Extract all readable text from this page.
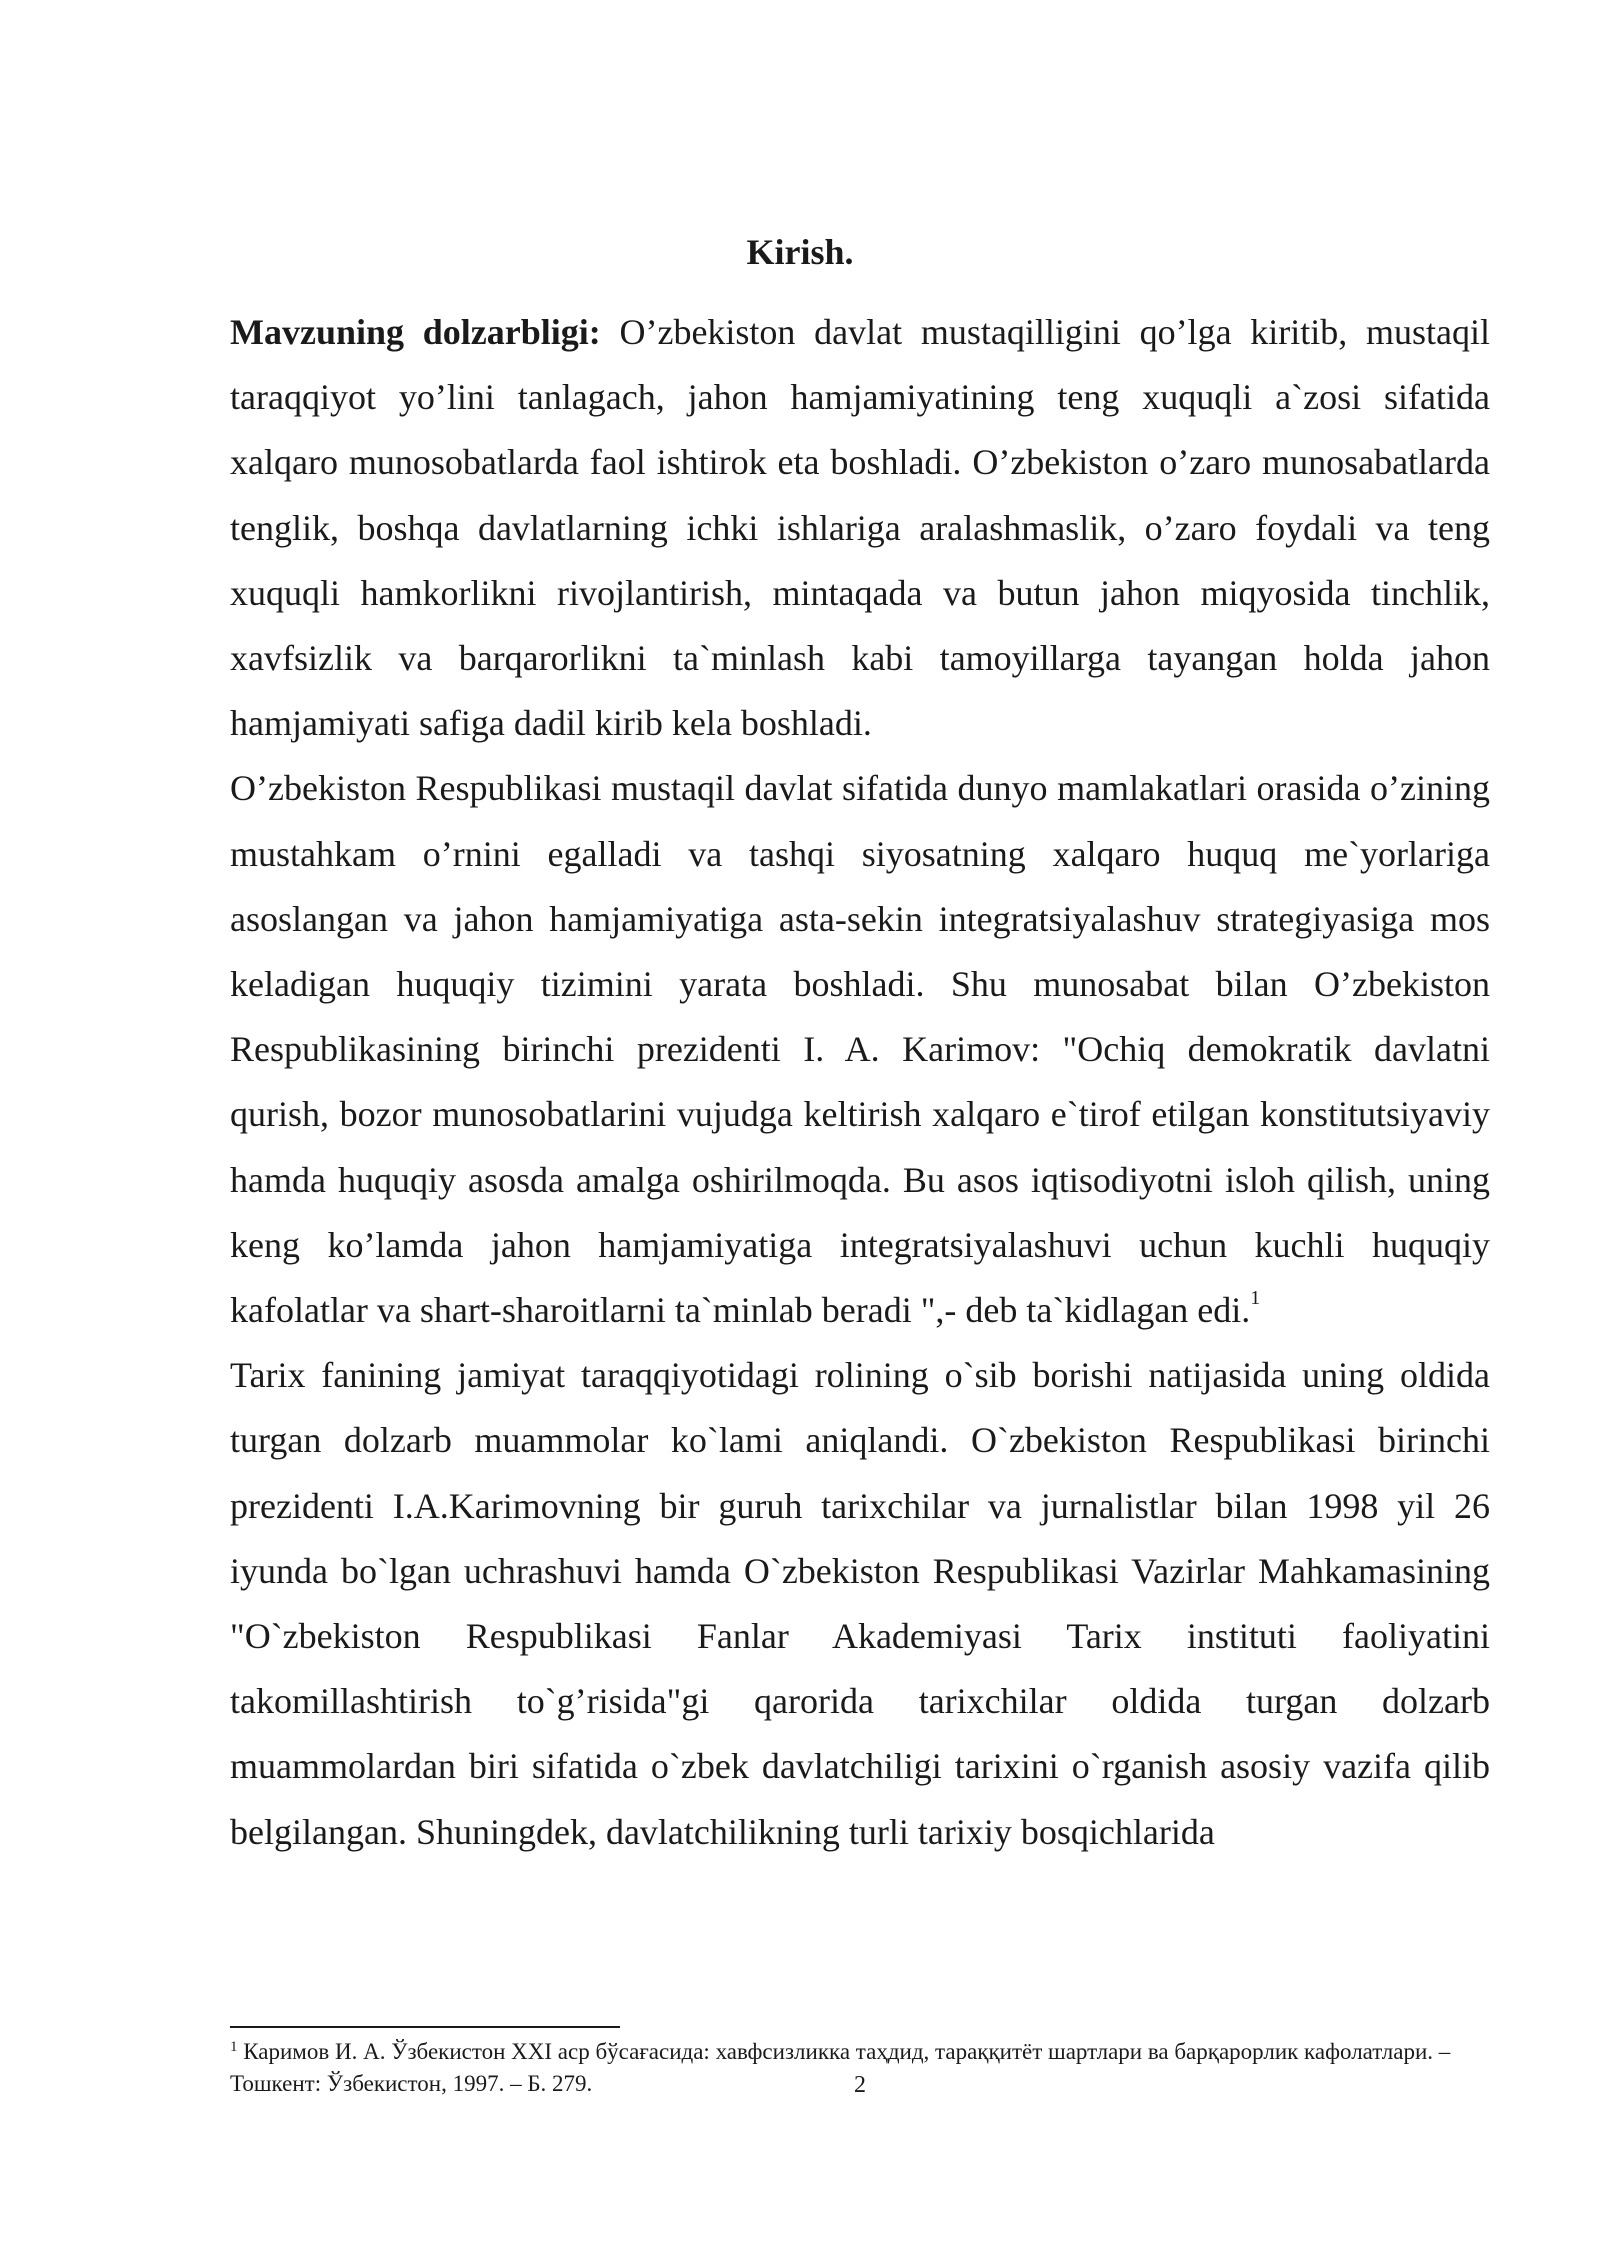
Kirish.

Mavzuning dolzarbligi: O’zbekiston davlat mustaqilligini qo’lga kiritib, mustaqil taraqqiyot yo’lini tanlagach, jahon hamjamiyatining teng xuquqli a`zosi sifatida xalqaro munosobatlarda faol ishtirok eta boshladi. O’zbekiston o’zaro munosabatlarda tenglik, boshqa davlatlarning ichki ishlariga aralashmaslik, o’zaro foydali va teng xuquqli hamkorlikni rivojlantirish, mintaqada va butun jahon miqyosida tinchlik, xavfsizlik va barqarorlikni ta`minlash kabi tamoyillarga tayangan holda jahon hamjamiyati safiga dadil kirib kela boshladi.

O’zbekiston Respublikasi mustaqil davlat sifatida dunyo mamlakatlari orasida o’zining mustahkam o’rnini egalladi va tashqi siyosatning xalqaro huquq me`yorlariga asoslangan va jahon hamjamiyatiga asta-sekin integratsiyalashuv strategiyasiga mos keladigan huquqiy tizimini yarata boshladi. Shu munosabat bilan O’zbekiston Respublikasining birinchi prezidenti I. A. Karimov: "Ochiq demokratik davlatni qurish, bozor munosobatlarini vujudga keltirish xalqaro e`tirof etilgan konstitutsiyaviy hamda huquqiy asosda amalga oshirilmoqda. Bu asos iqtisodiyotni isloh qilish, uning keng ko’lamda jahon hamjamiyatiga integratsiyalashuvi uchun kuchli huquqiy kafolatlar va shart-sharoitlarni ta`minlab beradi ",- deb ta`kidlagan edi.$^1$

Tarix fanining jamiyat taraqqiyotidagi rolining o`sib borishi natijasida uning oldida turgan dolzarb muammolar ko`lami aniqlandi. O`zbekiston Respublikasi birinchi prezidenti I.A.Karimovning bir guruh tarixchilar va jurnalistlar bilan 1998 yil 26 iyunda bo`lgan uchrashuvi hamda O`zbekiston Respublikasi Vazirlar Mahkamasining "O`zbekiston Respublikasi Fanlar Akademiyasi Tarix instituti faoliyatini takomillashtirish to`g’risida"gi qarorida tarixchilar oldida turgan dolzarb muammolardan biri sifatida o`zbek davlatchiligi tarixini o`rganish asosiy vazifa qilib belgilangan. Shuningdek, davlatchilikning turli tarixiy bosqichlarida

$^1$ Каримов И. А. Ўзбекистон XXI аср бўсағасида: хавфсизликка таҳдид, тараққитёт шартлари ва барқарорлик кафолатлари. – Тошкент: Ўзбекистон, 1997. – Б. 279.	2
